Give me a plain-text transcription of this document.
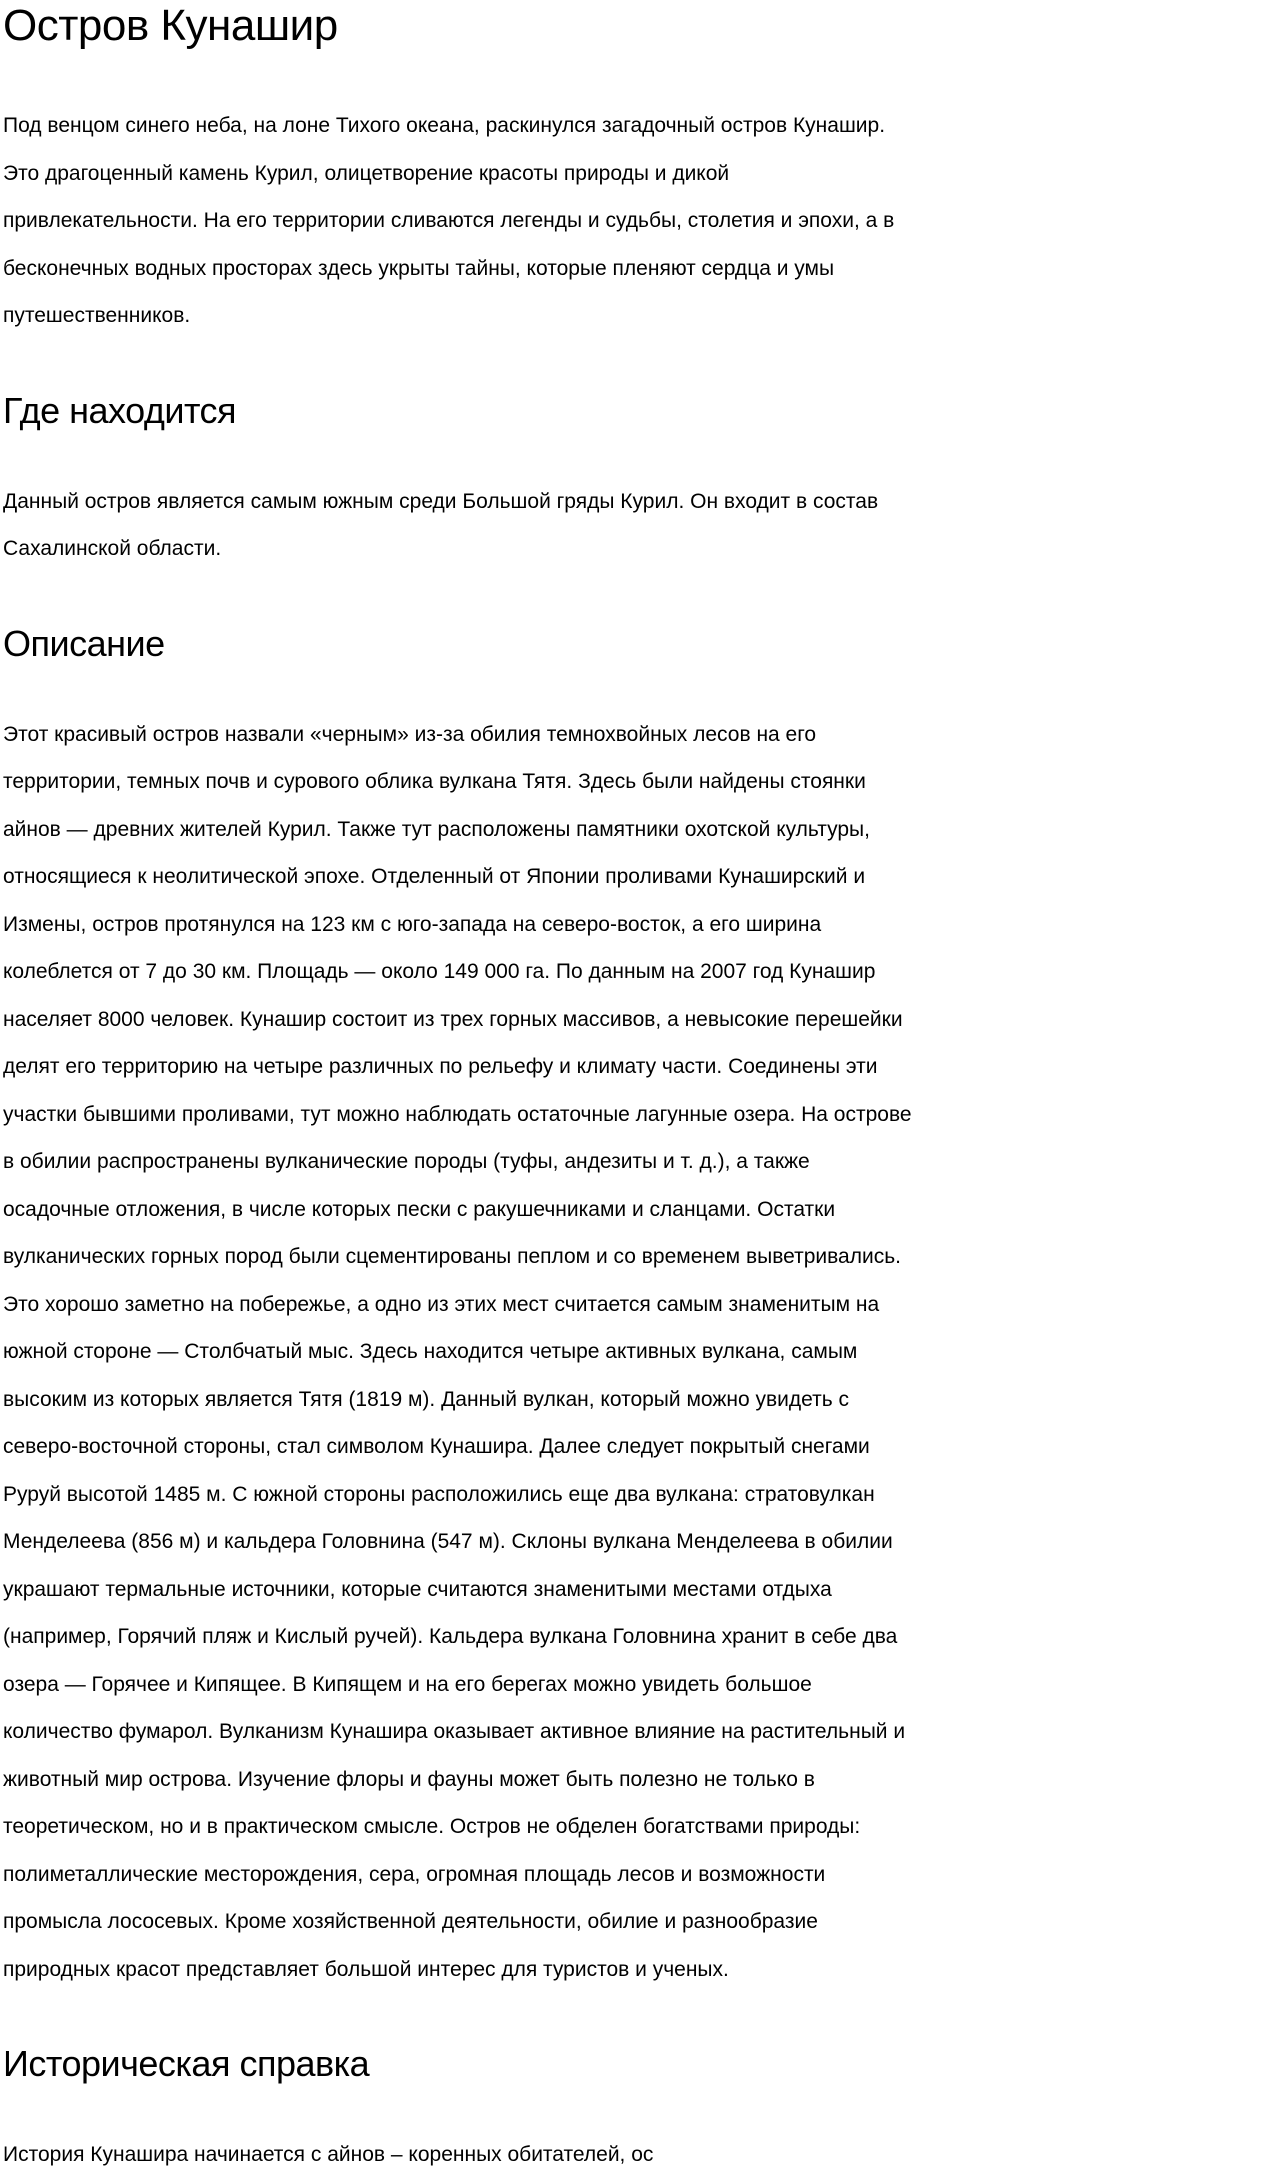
Остров Кунашир

Под венцом синего неба, на лоне Тихого океана, раскинулся загадочный остров Кунашир. Это драгоценный камень Курил, олицетворение красоты природы и дикой привлекательности. На его территории сливаются легенды и судьбы, столетия и эпохи, а в бесконечных водных просторах здесь укрыты тайны, которые пленяют сердца и умы путешественников.

Где находится

Данный остров является самым южным среди Большой гряды Курил. Он входит в состав Сахалинской области.

Описание

Этот красивый остров назвали «черным» из-за обилия темнохвойных лесов на его территории, темных почв и сурового облика вулкана Тятя. Здесь были найдены стоянки айнов — древних жителей Курил. Также тут расположены памятники охотской культуры, относящиеся к неолитической эпохе. Отделенный от Японии проливами Кунаширский и Измены, остров протянулся на 123 км с юго-запада на северо-восток, а его ширина колеблется от 7 до 30 км. Площадь — около 149 000 га. По данным на 2007 год Кунашир населяет 8000 человек. Кунашир состоит из трех горных массивов, а невысокие перешейки делят его территорию на четыре различных по рельефу и климату части. Соединены эти участки бывшими проливами, тут можно наблюдать остаточные лагунные озера. На острове в обилии распространены вулканические породы (туфы, андезиты и т. д.), а также осадочные отложения, в числе которых пески с ракушечниками и сланцами. Остатки вулканических горных пород были сцементированы пеплом и со временем выветривались. Это хорошо заметно на побережье, а одно из этих мест считается самым знаменитым на южной стороне — Столбчатый мыс. Здесь находится четыре активных вулкана, самым высоким из которых является Тятя (1819 м). Данный вулкан, который можно увидеть с северо-восточной стороны, стал символом Кунашира. Далее следует покрытый снегами Руруй высотой 1485 м. С южной стороны расположились еще два вулкана: стратовулкан Менделеева (856 м) и кальдера Головнина (547 м). Склоны вулкана Менделеева в обилии украшают термальные источники, которые считаются знаменитыми местами отдыха (например, Горячий пляж и Кислый ручей). Кальдера вулкана Головнина хранит в себе два озера — Горячее и Кипящее. В Кипящем и на его берегах можно увидеть большое количество фумарол. Вулканизм Кунашира оказывает активное влияние на растительный и животный мир острова. Изучение флоры и фауны может быть полезно не только в теоретическом, но и в практическом смысле. Остров не обделен богатствами природы: полиметаллические месторождения, сера, огромная площадь лесов и возможности промысла лососевых. Кроме хозяйственной деятельности, обилие и разнообразие природных красот представляет большой интерес для туристов и ученых.

Историческая справка

История Кунашира начинается с айнов – коренных обитателей, ос
